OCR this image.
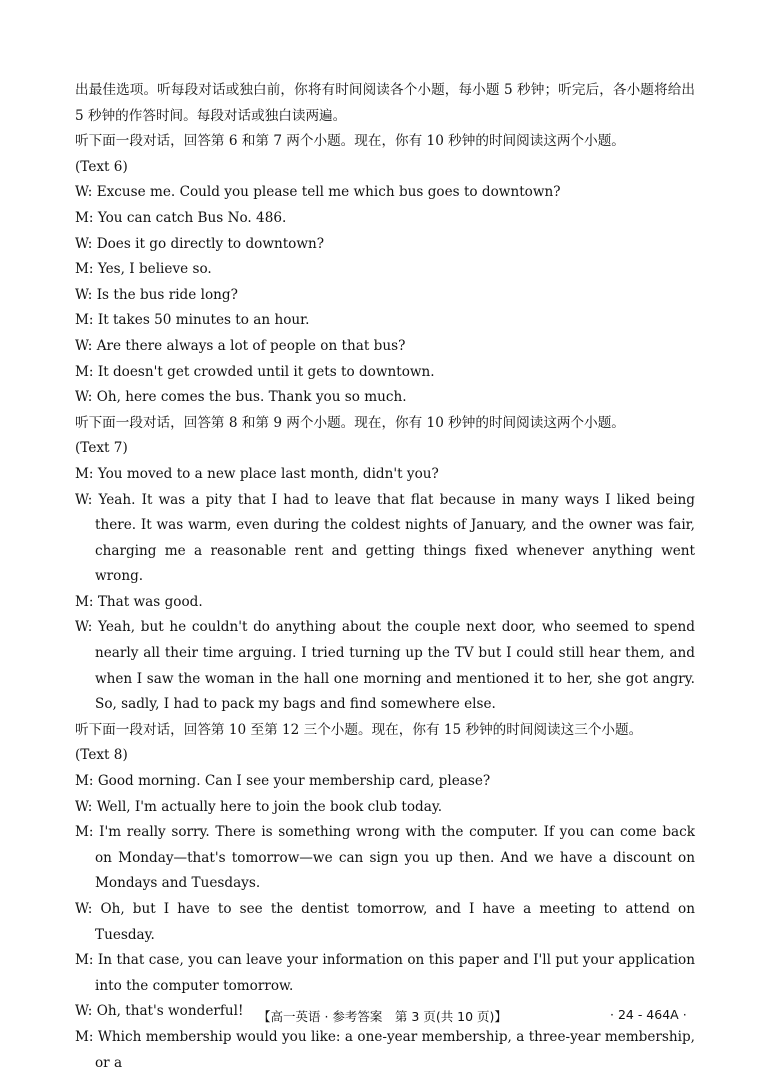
出最佳选项。听每段对话或独白前，你将有时间阅读各个小题，每小题 5 秒钟；听完后，各小题将给出 5 秒钟的作答时间。每段对话或独白读两遍。

听下面一段对话，回答第 6 和第 7 两个小题。现在，你有 10 秒钟的时间阅读这两个小题。

(Text 6)

W: Excuse me. Could you please tell me which bus goes to downtown?

M: You can catch Bus No. 486.

W: Does it go directly to downtown?

M: Yes, I believe so.

W: Is the bus ride long?

M: It takes 50 minutes to an hour.

W: Are there always a lot of people on that bus?

M: It doesn't get crowded until it gets to downtown.

W: Oh, here comes the bus. Thank you so much.

听下面一段对话，回答第 8 和第 9 两个小题。现在，你有 10 秒钟的时间阅读这两个小题。

(Text 7)

M: You moved to a new place last month, didn't you?

W: Yeah. It was a pity that I had to leave that flat because in many ways I liked being there. It was warm, even during the coldest nights of January, and the owner was fair, charging me a reasonable rent and getting things fixed whenever anything went wrong.

M: That was good.

W: Yeah, but he couldn't do anything about the couple next door, who seemed to spend nearly all their time arguing. I tried turning up the TV but I could still hear them, and when I saw the woman in the hall one morning and mentioned it to her, she got angry. So, sadly, I had to pack my bags and find somewhere else.

听下面一段对话，回答第 10 至第 12 三个小题。现在，你有 15 秒钟的时间阅读这三个小题。

(Text 8)

M: Good morning. Can I see your membership card, please?

W: Well, I'm actually here to join the book club today.

M: I'm really sorry. There is something wrong with the computer. If you can come back on Monday—that's tomorrow—we can sign you up then. And we have a discount on Mondays and Tuesdays.

W: Oh, but I have to see the dentist tomorrow, and I have a meeting to attend on Tuesday.

M: In that case, you can leave your information on this paper and I'll put your application into the computer tomorrow.

W: Oh, that's wonderful!

M: Which membership would you like: a one-year membership, a three-year membership, or a

【高一英语 · 参考答案　第 3 页(共 10 页)】	· 24 - 464A ·
